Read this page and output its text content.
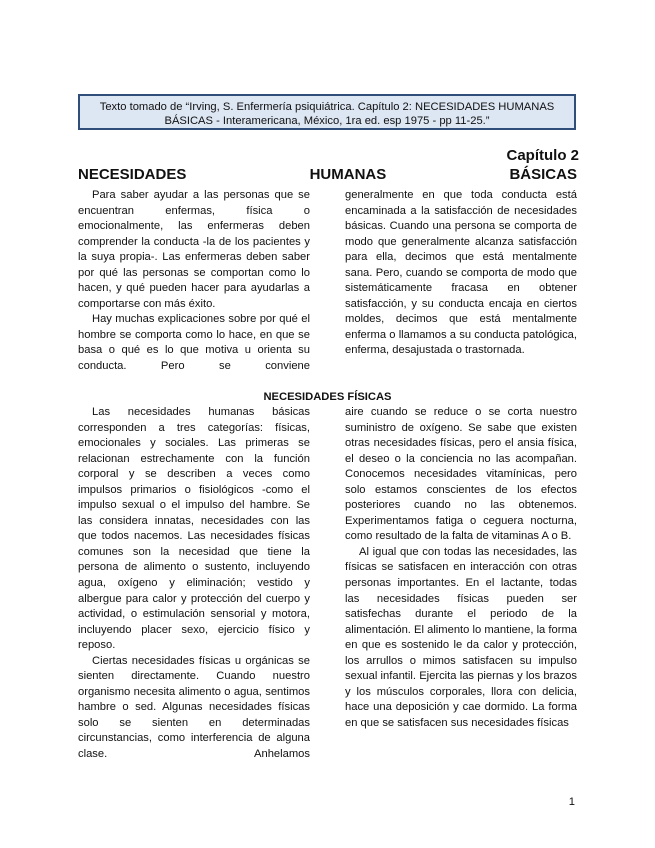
Texto tomado de “Irving, S. Enfermería psiquiátrica. Capítulo 2: NECESIDADES HUMANAS
BÁSICAS - Interamericana, México, 1ra ed. esp 1975 - pp 11-25.”
Capítulo 2
NECESIDADES	HUMANAS	BÁSICAS

Para saber ayudar a las personas que se encuentran enfermas, física o emocionalmente, las enfermeras deben comprender la conducta -la de los pacientes y la suya propia-. Las enfermeras deben saber por qué las personas se comportan como lo hacen, y qué pueden hacer para ayudarlas a comportarse con más éxito.

Hay muchas explicaciones sobre por qué el hombre se comporta como lo hace, en que se basa o qué es lo que motiva u orienta su conducta. Pero se conviene

generalmente en que toda conducta está encaminada a la satisfacción de necesidades básicas. Cuando una persona se comporta de modo que generalmente alcanza satisfacción para ella, decimos que está mentalmente sana. Pero, cuando se comporta de modo que sistemáticamente fracasa en obtener satisfacción, y su conducta encaja en ciertos moldes, decimos que está mentalmente enferma o llamamos a su conducta patológica, enferma, desajustada o trastornada.

NECESIDADES FÍSICAS

Las necesidades humanas básicas corresponden a tres categorías: físicas, emocionales y sociales. Las primeras se relacionan estrechamente con la función corporal y se describen a veces como impulsos primarios o fisiológicos -como el impulso sexual o el impulso del hambre. Se las considera innatas, necesidades con las que todos nacemos. Las necesidades físicas comunes son la necesidad que tiene la persona de alimento o sustento, incluyendo agua, oxígeno y eliminación; vestido y albergue para calor y protección del cuerpo y actividad, o estimulación sensorial y motora, incluyendo placer sexo, ejercicio físico y reposo.

Ciertas necesidades físicas u orgánicas se sienten directamente. Cuando nuestro organismo necesita alimento o agua, sentimos hambre o sed. Algunas necesidades físicas solo se sienten en determinadas circunstancias, como interferencia de alguna clase. Anhelamos

aire cuando se reduce o se corta nuestro suministro de oxígeno. Se sabe que existen otras necesidades físicas, pero el ansia física, el deseo o la conciencia no las acompañan. Conocemos necesidades vitamínicas, pero solo estamos conscientes de los efectos posteriores cuando no las obtenemos. Experimentamos fatiga o ceguera nocturna, como resultado de la falta de vitaminas A o B.

Al igual que con todas las necesidades, las físicas se satisfacen en interacción con otras personas importantes. En el lactante, todas las necesidades físicas pueden ser satisfechas durante el periodo de la alimentación. El alimento lo mantiene, la forma en que es sostenido le da calor y protección, los arrullos o mimos satisfacen su impulso sexual infantil. Ejercita las piernas y los brazos y los músculos corporales, llora con delicia, hace una deposición y cae dormido. La forma en que se satisfacen sus necesidades físicas

1
